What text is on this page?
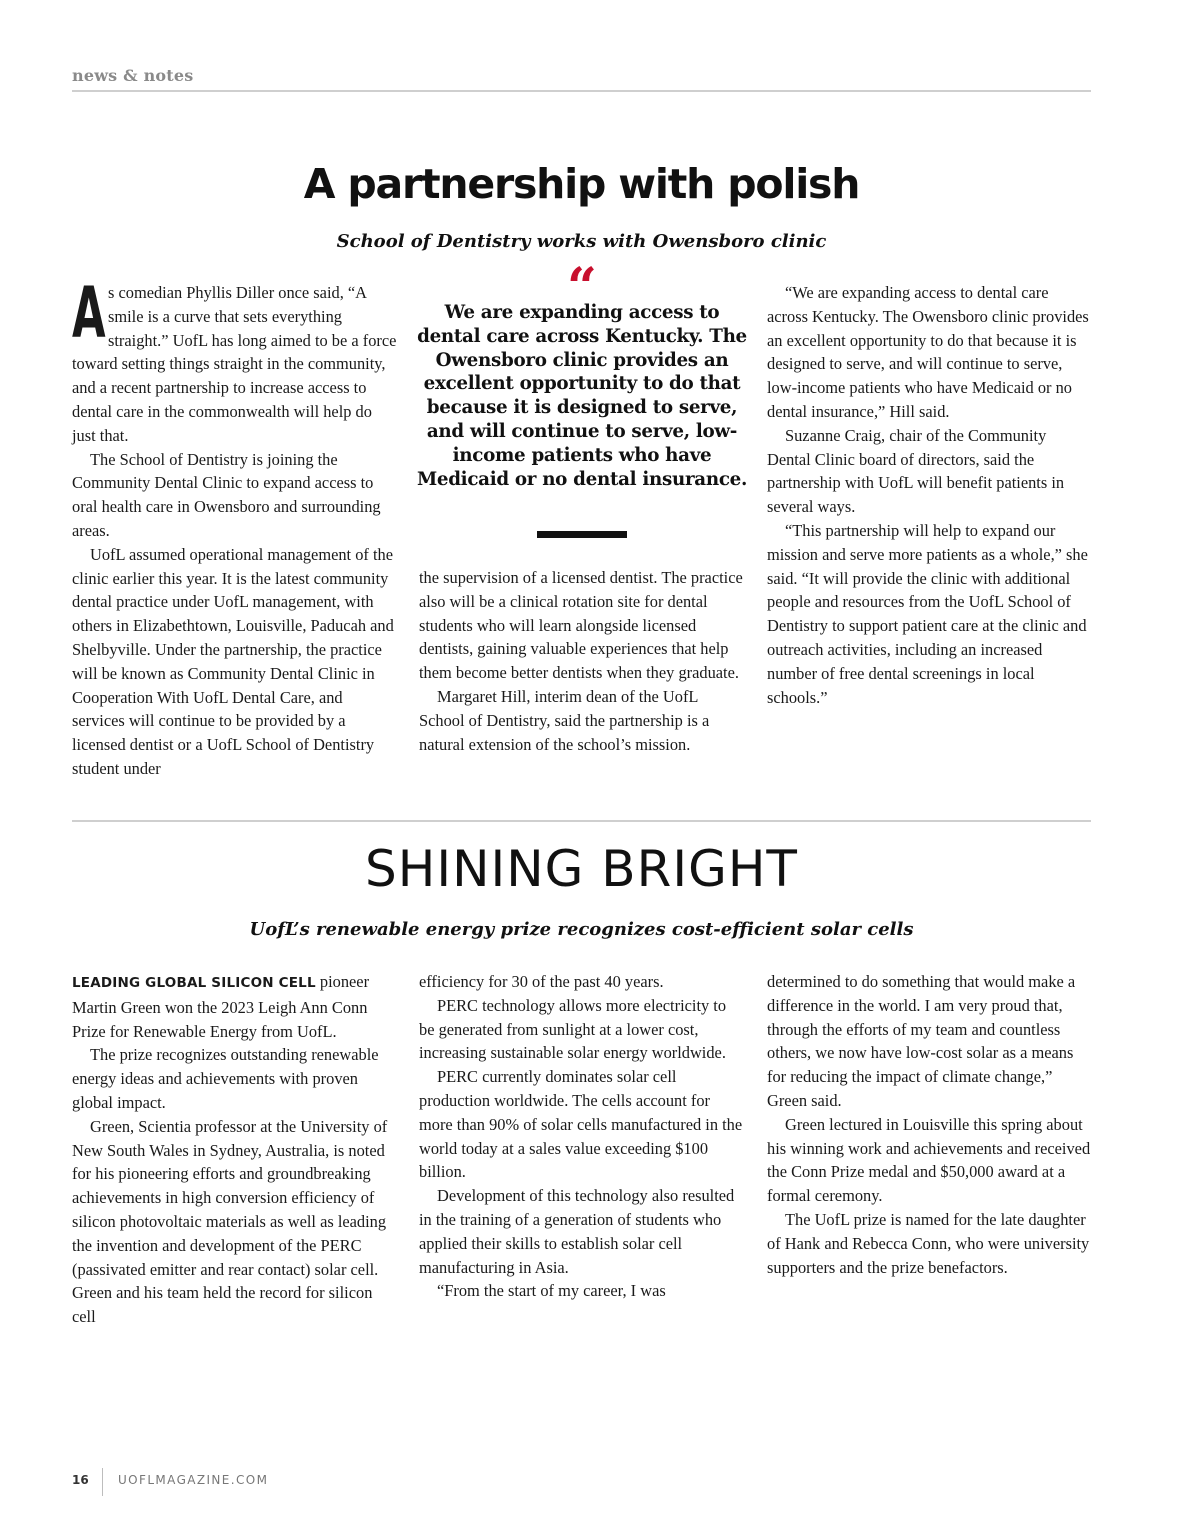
news & notes
A partnership with polish
School of Dentistry works with Owensboro clinic

As comedian Phyllis Diller once said, “A smile is a curve that sets everything straight.” UofL has long aimed to be a force toward setting things straight in the community, and a recent partnership to increase access to dental care in the commonwealth will help do just that.

The School of Dentistry is joining the Community Dental Clinic to expand access to oral health care in Owensboro and surrounding areas.

UofL assumed operational management of the clinic earlier this year. It is the latest community dental practice under UofL management, with others in Elizabethtown, Louisville, Paducah and Shelbyville. Under the partnership, the practice will be known as Community Dental Clinic in Cooperation With UofL Dental Care, and services will continue to be provided by a licensed dentist or a UofL School of Dentistry student under

“
We are expanding access to dental care across Kentucky. The Owensboro clinic provides an excellent opportunity to do that because it is designed to serve, and will continue to serve, low-income patients who have Medicaid or no dental insurance.

the supervision of a licensed dentist. The practice also will be a clinical rotation site for dental students who will learn alongside licensed dentists, gaining valuable experiences that help them become better dentists when they graduate.

Margaret Hill, interim dean of the UofL School of Dentistry, said the partnership is a natural extension of the school’s mission.

“We are expanding access to dental care across Kentucky. The Owensboro clinic provides an excellent opportunity to do that because it is designed to serve, and will continue to serve, low-income patients who have Medicaid or no dental insurance,” Hill said.

Suzanne Craig, chair of the Community Dental Clinic board of directors, said the partnership with UofL will benefit patients in several ways.

“This partnership will help to expand our mission and serve more patients as a whole,” she said. “It will provide the clinic with additional people and resources from the UofL School of Dentistry to support patient care at the clinic and outreach activities, including an increased number of free dental screenings in local schools.”

SHINING BRIGHT
UofL’s renewable energy prize recognizes cost-efficient solar cells

LEADING GLOBAL SILICON CELL pioneer Martin Green won the 2023 Leigh Ann Conn Prize for Renewable Energy from UofL.

The prize recognizes outstanding renewable energy ideas and achievements with proven global impact.

Green, Scientia professor at the University of New South Wales in Sydney, Australia, is noted for his pioneering efforts and groundbreaking achievements in high conversion efficiency of silicon photovoltaic materials as well as leading the invention and development of the PERC (passivated emitter and rear contact) solar cell. Green and his team held the record for silicon cell

efficiency for 30 of the past 40 years.

PERC technology allows more electricity to be generated from sunlight at a lower cost, increasing sustainable solar energy worldwide.

PERC currently dominates solar cell production worldwide. The cells account for more than 90% of solar cells manufactured in the world today at a sales value exceeding $100 billion.

Development of this technology also resulted in the training of a generation of students who applied their skills to establish solar cell manufacturing in Asia.

“From the start of my career, I was

determined to do something that would make a difference in the world. I am very proud that, through the efforts of my team and countless others, we now have low-cost solar as a means for reducing the impact of climate change,” Green said.

Green lectured in Louisville this spring about his winning work and achievements and received the Conn Prize medal and $50,000 award at a formal ceremony.

The UofL prize is named for the late daughter of Hank and Rebecca Conn, who were university supporters and the prize benefactors.

16 UOFLMAGAZINE.COM
